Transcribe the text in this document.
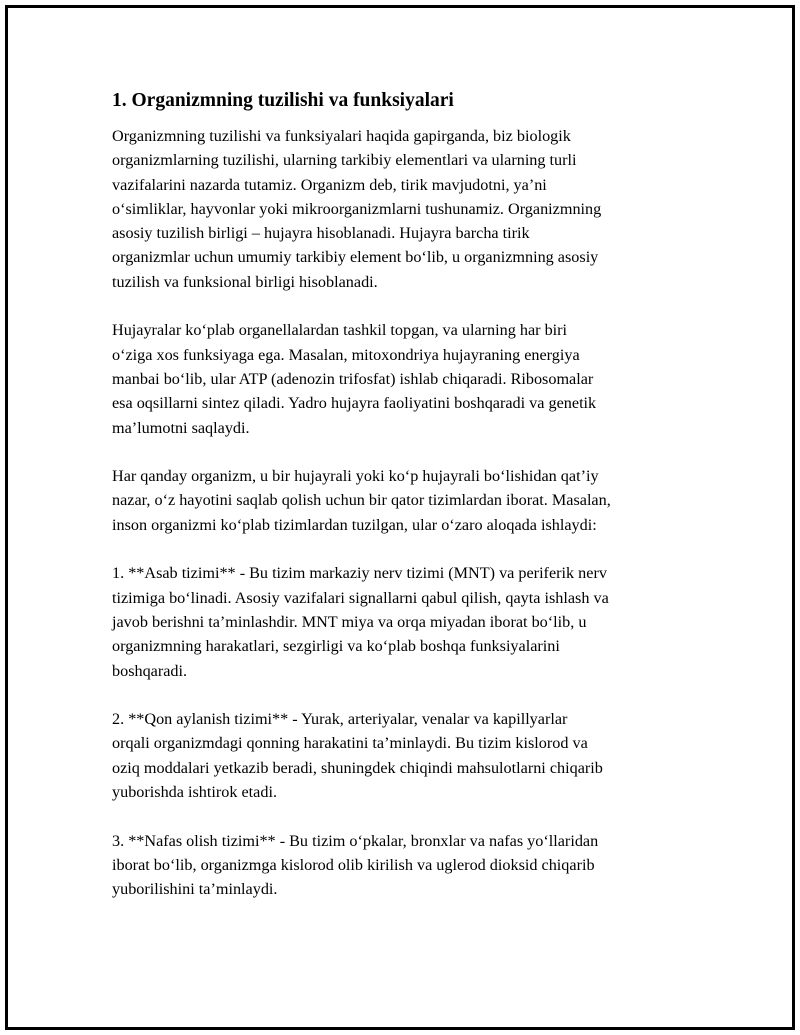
1. Organizmning tuzilishi va funksiyalari

Organizmning tuzilishi va funksiyalari haqida gapirganda, biz biologik
organizmlarning tuzilishi, ularning tarkibiy elementlari va ularning turli
vazifalarini nazarda tutamiz. Organizm deb, tirik mavjudotni, ya’ni
o‘simliklar, hayvonlar yoki mikroorganizmlarni tushunamiz. Organizmning
asosiy tuzilish birligi – hujayra hisoblanadi. Hujayra barcha tirik
organizmlar uchun umumiy tarkibiy element bo‘lib, u organizmning asosiy
tuzilish va funksional birligi hisoblanadi.

Hujayralar ko‘plab organellalardan tashkil topgan, va ularning har biri
o‘ziga xos funksiyaga ega. Masalan, mitoxondriya hujayraning energiya
manbai bo‘lib, ular ATP (adenozin trifosfat) ishlab chiqaradi. Ribosomalar
esa oqsillarni sintez qiladi. Yadro hujayra faoliyatini boshqaradi va genetik
ma’lumotni saqlaydi.

Har qanday organizm, u bir hujayrali yoki ko‘p hujayrali bo‘lishidan qat’iy
nazar, o‘z hayotini saqlab qolish uchun bir qator tizimlardan iborat. Masalan,
inson organizmi ko‘plab tizimlardan tuzilgan, ular o‘zaro aloqada ishlaydi:

1. **Asab tizimi** - Bu tizim markaziy nerv tizimi (MNT) va periferik nerv
tizimiga bo‘linadi. Asosiy vazifalari signallarni qabul qilish, qayta ishlash va
javob berishni ta’minlashdir. MNT miya va orqa miyadan iborat bo‘lib, u
organizmning harakatlari, sezgirligi va ko‘plab boshqa funksiyalarini
boshqaradi.

2. **Qon aylanish tizimi** - Yurak, arteriyalar, venalar va kapillyarlar
orqali organizmdagi qonning harakatini ta’minlaydi. Bu tizim kislorod va
oziq moddalari yetkazib beradi, shuningdek chiqindi mahsulotlarni chiqarib
yuborishda ishtirok etadi.

3. **Nafas olish tizimi** - Bu tizim o‘pkalar, bronxlar va nafas yo‘llaridan
iborat bo‘lib, organizmga kislorod olib kirilish va uglerod dioksid chiqarib
yuborilishini ta’minlaydi.
